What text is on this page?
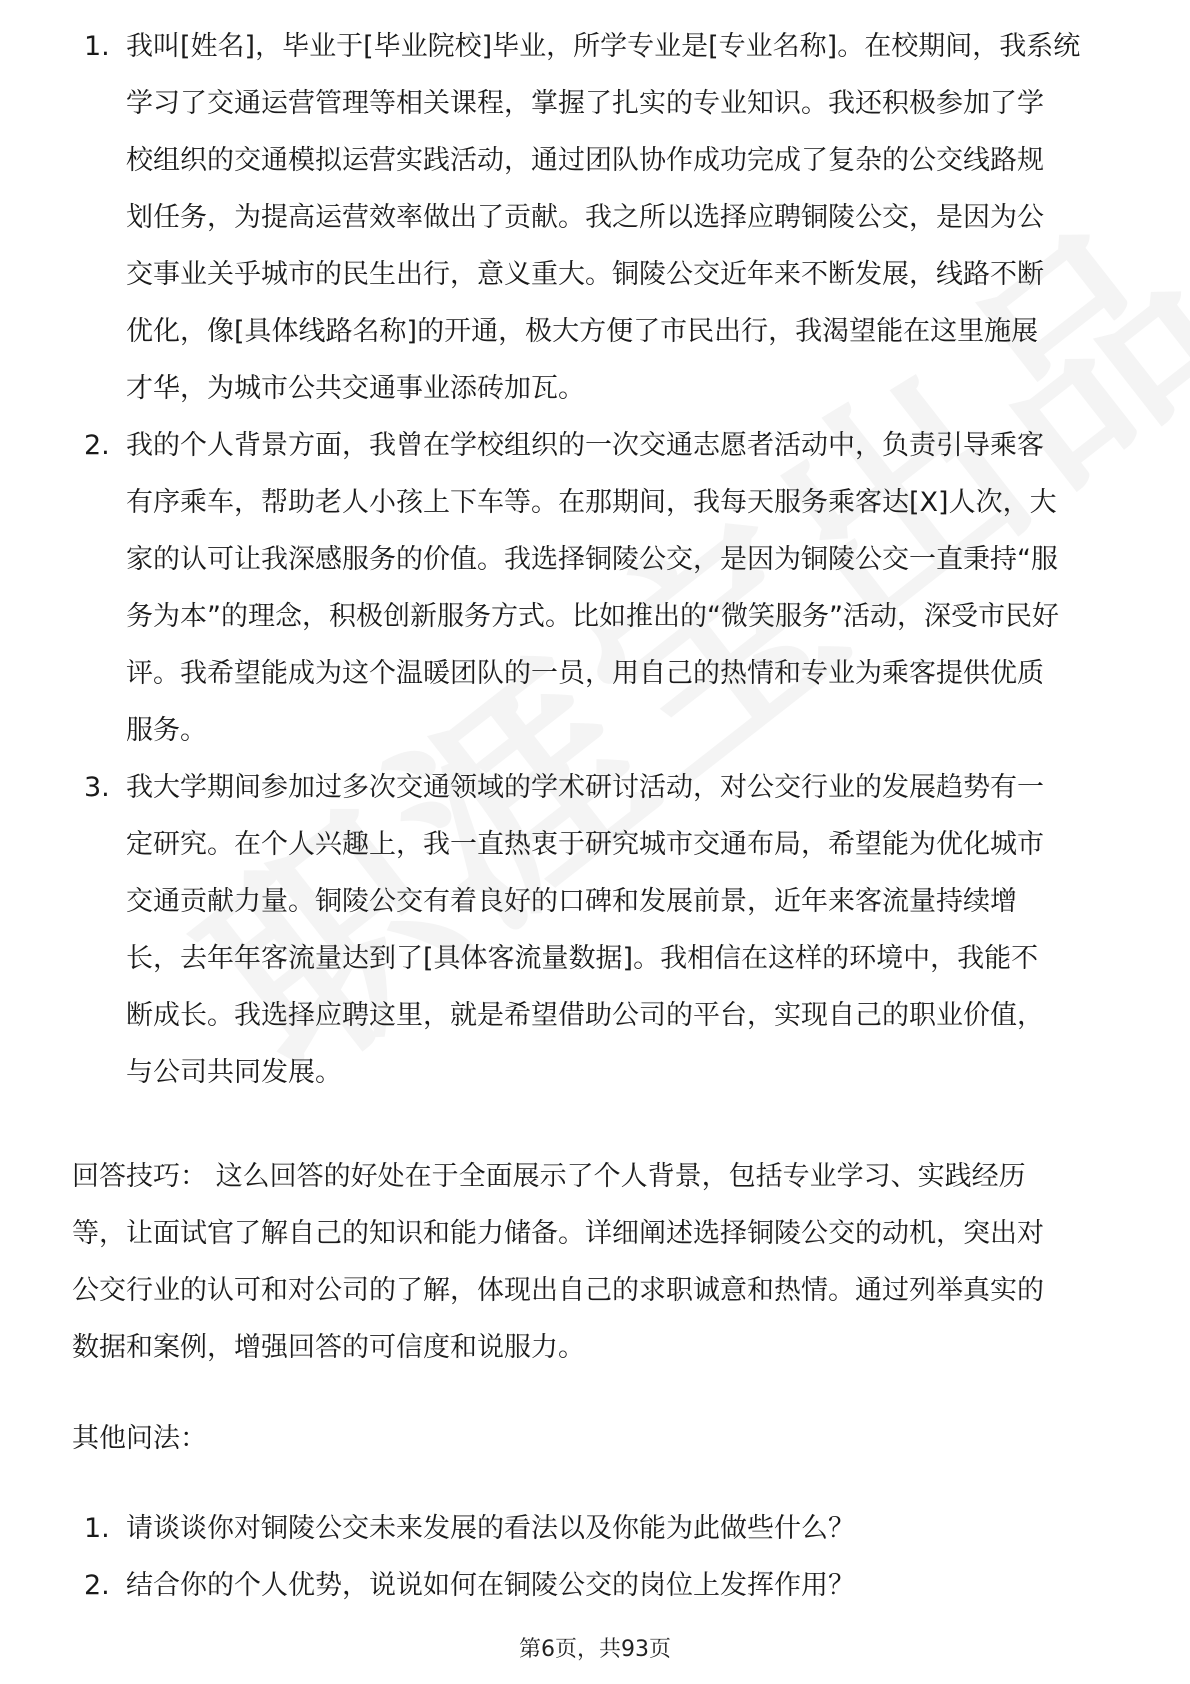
1. 我叫[姓名]，毕业于[毕业院校]毕业，所学专业是[专业名称]。在校期间，我系统
学习了交通运营管理等相关课程，掌握了扎实的专业知识。我还积极参加了学
校组织的交通模拟运营实践活动，通过团队协作成功完成了复杂的公交线路规
划任务，为提高运营效率做出了贡献。我之所以选择应聘铜陵公交，是因为公
交事业关乎城市的民生出行，意义重大。铜陵公交近年来不断发展，线路不断
优化，像[具体线路名称]的开通，极大方便了市民出行，我渴望能在这里施展
才华，为城市公共交通事业添砖加瓦。
2. 我的个人背景方面，我曾在学校组织的一次交通志愿者活动中，负责引导乘客
有序乘车，帮助老人小孩上下车等。在那期间，我每天服务乘客达[X]人次，大
家的认可让我深感服务的价值。我选择铜陵公交，是因为铜陵公交一直秉持“服
务为本”的理念，积极创新服务方式。比如推出的“微笑服务”活动，深受市民好
评。我希望能成为这个温暖团队的一员，用自己的热情和专业为乘客提供优质
服务。
3. 我大学期间参加过多次交通领域的学术研讨活动，对公交行业的发展趋势有一
定研究。在个人兴趣上，我一直热衷于研究城市交通布局，希望能为优化城市
交通贡献力量。铜陵公交有着良好的口碑和发展前景，近年来客流量持续增
长，去年年客流量达到了[具体客流量数据]。我相信在这样的环境中，我能不
断成长。我选择应聘这里，就是希望借助公司的平台，实现自己的职业价值，
与公司共同发展。
回答技巧： 这么回答的好处在于全面展示了个人背景，包括专业学习、实践经历
等，让面试官了解自己的知识和能力储备。详细阐述选择铜陵公交的动机，突出对
公交行业的认可和对公司的了解，体现出自己的求职诚意和热情。通过列举真实的
数据和案例，增强回答的可信度和说服力。
其他问法：
1. 请谈谈你对铜陵公交未来发展的看法以及你能为此做些什么？
2. 结合你的个人优势，说说如何在铜陵公交的岗位上发挥作用？
第6页，共93页
